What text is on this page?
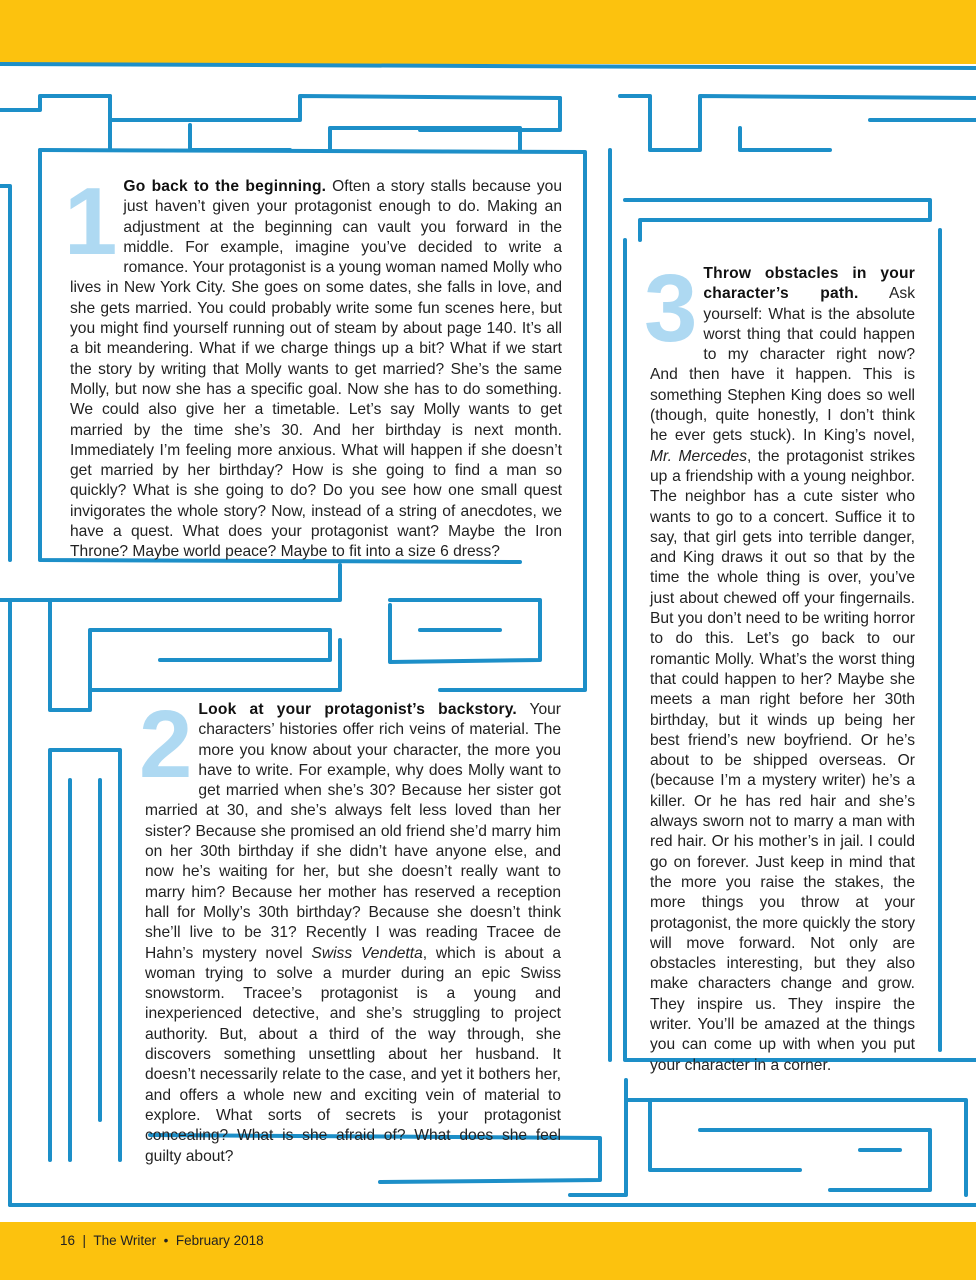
1 Go back to the beginning. Often a story stalls because you just haven’t given your protagonist enough to do. Making an adjustment at the beginning can vault you forward in the middle. For example, imagine you’ve decided to write a romance. Your protagonist is a young woman named Molly who lives in New York City. She goes on some dates, she falls in love, and she gets married. You could probably write some fun scenes here, but you might find yourself running out of steam by about page 140. It’s all a bit meandering. What if we charge things up a bit? What if we start the story by writing that Molly wants to get married? She’s the same Molly, but now she has a specific goal. Now she has to do something. We could also give her a timetable. Let’s say Molly wants to get married by the time she’s 30. And her birthday is next month. Immediately I’m feeling more anxious. What will happen if she doesn’t get married by her birthday? How is she going to find a man so quickly? What is she going to do? Do you see how one small quest invigorates the whole story? Now, instead of a string of anecdotes, we have a quest. What does your protagonist want? Maybe the Iron Throne? Maybe world peace? Maybe to fit into a size 6 dress?

2 Look at your protagonist’s backstory. Your characters’ histories offer rich veins of material. The more you know about your character, the more you have to write. For example, why does Molly want to get married when she’s 30? Because her sister got married at 30, and she’s always felt less loved than her sister? Because she promised an old friend she’d marry him on her 30th birthday if she didn’t have anyone else, and now he’s waiting for her, but she doesn’t really want to marry him? Because her mother has reserved a reception hall for Molly’s 30th birthday? Because she doesn’t think she’ll live to be 31? Recently I was reading Tracee de Hahn’s mystery novel Swiss Vendetta, which is about a woman trying to solve a murder during an epic Swiss snowstorm. Tracee’s protagonist is a young and inexperienced detective, and she’s struggling to project authority. But, about a third of the way through, she discovers something unsettling about her husband. It doesn’t necessarily relate to the case, and yet it bothers her, and offers a whole new and exciting vein of material to explore. What sorts of secrets is your protagonist concealing? What is she afraid of? What does she feel guilty about?

3 Throw obstacles in your character’s path. Ask yourself: What is the absolute worst thing that could happen to my character right now? And then have it happen. This is something Stephen King does so well (though, quite honestly, I don’t think he ever gets stuck). In King’s novel, Mr. Mercedes, the protagonist strikes up a friendship with a young neighbor. The neighbor has a cute sister who wants to go to a concert. Suffice it to say, that girl gets into terrible danger, and King draws it out so that by the time the whole thing is over, you’ve just about chewed off your fingernails. But you don’t need to be writing horror to do this. Let’s go back to our romantic Molly. What’s the worst thing that could happen to her? Maybe she meets a man right before her 30th birthday, but it winds up being her best friend’s new boyfriend. Or he’s about to be shipped overseas. Or (because I’m a mystery writer) he’s a killer. Or he has red hair and she’s always sworn not to marry a man with red hair. Or his mother’s in jail. I could go on forever. Just keep in mind that the more you raise the stakes, the more things you throw at your protagonist, the more quickly the story will move forward. Not only are obstacles interesting, but they also make characters change and grow. They inspire us. They inspire the writer. You’ll be amazed at the things you can come up with when you put your character in a corner.

16 | The Writer • February 2018
